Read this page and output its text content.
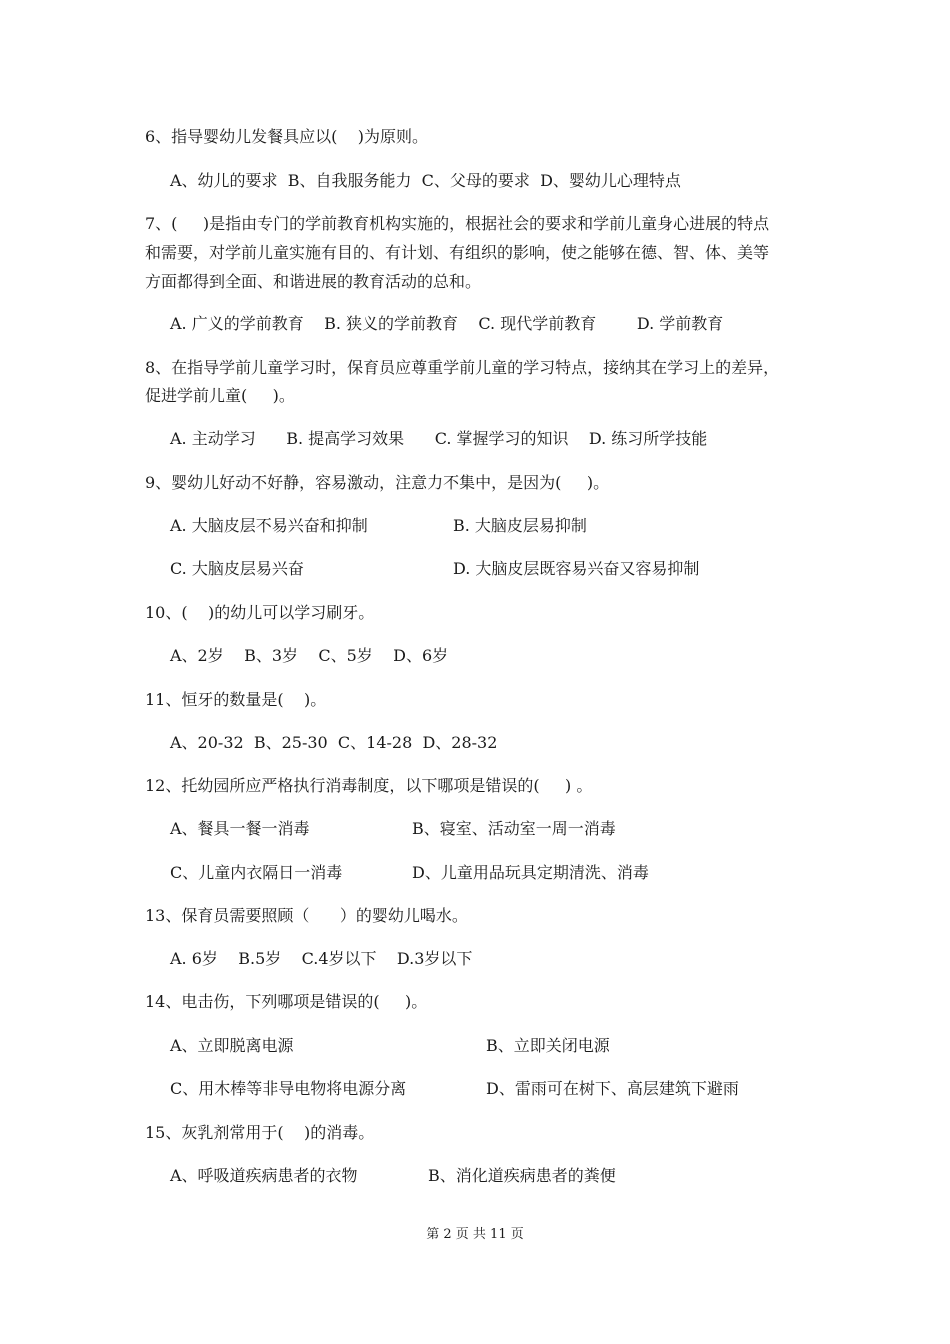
6、指导婴幼儿发餐具应以(    )为原则。
A、幼儿的要求  B、自我服务能力  C、父母的要求  D、婴幼儿心理特点
7、(     )是指由专门的学前教育机构实施的，根据社会的要求和学前儿童身心进展的特点
和需要，对学前儿童实施有目的、有计划、有组织的影响，使之能够在德、智、体、美等
方面都得到全面、和谐进展的教育活动的总和。
A. 广义的学前教育    B. 狭义的学前教育    C. 现代学前教育        D. 学前教育
8、在指导学前儿童学习时，保育员应尊重学前儿童的学习特点，接纳其在学习上的差异，
促进学前儿童(     )。
A. 主动学习      B. 提高学习效果      C. 掌握学习的知识    D. 练习所学技能
9、婴幼儿好动不好静，容易激动，注意力不集中，是因为(     )。
A. 大脑皮层不易兴奋和抑制	B. 大脑皮层易抑制
C. 大脑皮层易兴奋	D. 大脑皮层既容易兴奋又容易抑制
10、(    )的幼儿可以学习刷牙。
A、2岁    B、3岁    C、5岁    D、6岁
11、恒牙的数量是(    )。
A、20-32  B、25-30  C、14-28  D、28-32
12、托幼园所应严格执行消毒制度，以下哪项是错误的(     ) 。
A、餐具一餐一消毒	B、寝室、活动室一周一消毒
C、儿童内衣隔日一消毒	D、儿童用品玩具定期清洗、消毒
13、保育员需要照顾（      ）的婴幼儿喝水。
A. 6岁    B.5岁    C.4岁以下    D.3岁以下
14、电击伤，下列哪项是错误的(     )。
A、立即脱离电源	B、立即关闭电源
C、用木棒等非导电物将电源分离	D、雷雨可在树下、高层建筑下避雨
15、灰乳剂常用于(    )的消毒。
A、呼吸道疾病患者的衣物	B、消化道疾病患者的粪便
第 2 页 共 11 页
